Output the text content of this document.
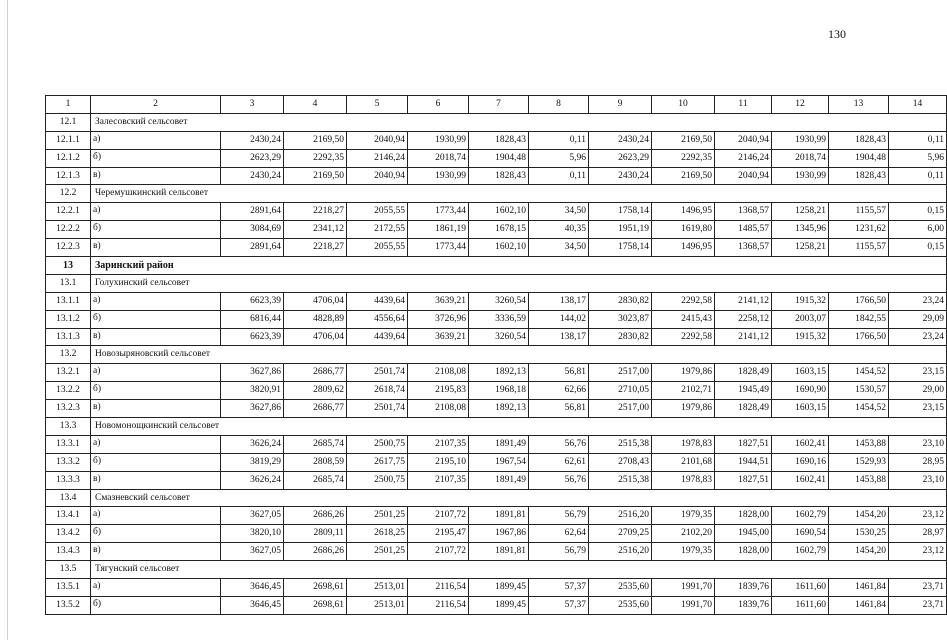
130
1	2	3	4	5	6	7	8	9	10	11	12	13	14
12.1	Залесовский сельсовет												
12.1.1	а)	2430,24	2169,50	2040,94	1930,99	1828,43	0,11	2430,24	2169,50	2040,94	1930,99	1828,43	0,11
12.1.2	б)	2623,29	2292,35	2146,24	2018,74	1904,48	5,96	2623,29	2292,35	2146,24	2018,74	1904,48	5,96
12.1.3	в)	2430,24	2169,50	2040,94	1930,99	1828,43	0,11	2430,24	2169,50	2040,94	1930,99	1828,43	0,11
12.2	Черемушкинский сельсовет												
12.2.1	а)	2891,64	2218,27	2055,55	1773,44	1602,10	34,50	1758,14	1496,95	1368,57	1258,21	1155,57	0,15
12.2.2	б)	3084,69	2341,12	2172,55	1861,19	1678,15	40,35	1951,19	1619,80	1485,57	1345,96	1231,62	6,00
12.2.3	в)	2891,64	2218,27	2055,55	1773,44	1602,10	34,50	1758,14	1496,95	1368,57	1258,21	1155,57	0,15
13	Заринский район												
13.1	Голухинский сельсовет												
13.1.1	а)	6623,39	4706,04	4439,64	3639,21	3260,54	138,17	2830,82	2292,58	2141,12	1915,32	1766,50	23,24
13.1.2	б)	6816,44	4828,89	4556,64	3726,96	3336,59	144,02	3023,87	2415,43	2258,12	2003,07	1842,55	29,09
13.1.3	в)	6623,39	4706,04	4439,64	3639,21	3260,54	138,17	2830,82	2292,58	2141,12	1915,32	1766,50	23,24
13.2	Новозыряновский сельсовет												
13.2.1	а)	3627,86	2686,77	2501,74	2108,08	1892,13	56,81	2517,00	1979,86	1828,49	1603,15	1454,52	23,15
13.2.2	б)	3820,91	2809,62	2618,74	2195,83	1968,18	62,66	2710,05	2102,71	1945,49	1690,90	1530,57	29,00
13.2.3	в)	3627,86	2686,77	2501,74	2108,08	1892,13	56,81	2517,00	1979,86	1828,49	1603,15	1454,52	23,15
13.3	Новомонощкинский сельсовет												
13.3.1	а)	3626,24	2685,74	2500,75	2107,35	1891,49	56,76	2515,38	1978,83	1827,51	1602,41	1453,88	23,10
13.3.2	б)	3819,29	2808,59	2617,75	2195,10	1967,54	62,61	2708,43	2101,68	1944,51	1690,16	1529,93	28,95
13.3.3	в)	3626,24	2685,74	2500,75	2107,35	1891,49	56,76	2515,38	1978,83	1827,51	1602,41	1453,88	23,10
13.4	Смазневский сельсовет												
13.4.1	а)	3627,05	2686,26	2501,25	2107,72	1891,81	56,79	2516,20	1979,35	1828,00	1602,79	1454,20	23,12
13.4.2	б)	3820,10	2809,11	2618,25	2195,47	1967,86	62,64	2709,25	2102,20	1945,00	1690,54	1530,25	28,97
13.4.3	в)	3627,05	2686,26	2501,25	2107,72	1891,81	56,79	2516,20	1979,35	1828,00	1602,79	1454,20	23,12
13.5	Тягунский сельсовет												
13.5.1	а)	3646,45	2698,61	2513,01	2116,54	1899,45	57,37	2535,60	1991,70	1839,76	1611,60	1461,84	23,71
13.5.2	б)	3646,45	2698,61	2513,01	2116,54	1899,45	57,37	2535,60	1991,70	1839,76	1611,60	1461,84	23,71
